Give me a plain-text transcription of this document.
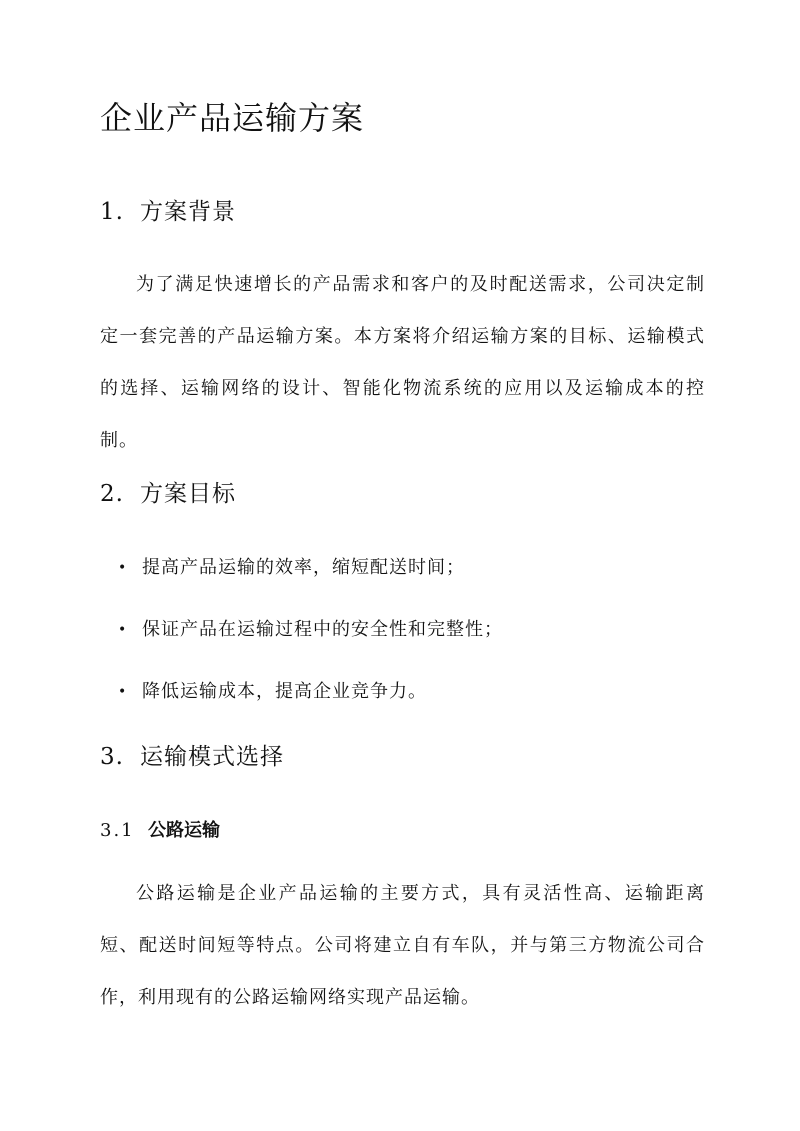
企业产品运输方案
1. 方案背景

为了满足快速增长的产品需求和客户的及时配送需求，公司决定制定一套完善的产品运输方案。本方案将介绍运输方案的目标、运输模式的选择、运输网络的设计、智能化物流系统的应用以及运输成本的控制。

2. 方案目标
• 提高产品运输的效率，缩短配送时间；
• 保证产品在运输过程中的安全性和完整性；
• 降低运输成本，提高企业竞争力。
3. 运输模式选择
3.1 公路运输

公路运输是企业产品运输的主要方式，具有灵活性高、运输距离短、配送时间短等特点。公司将建立自有车队，并与第三方物流公司合作，利用现有的公路运输网络实现产品运输。
